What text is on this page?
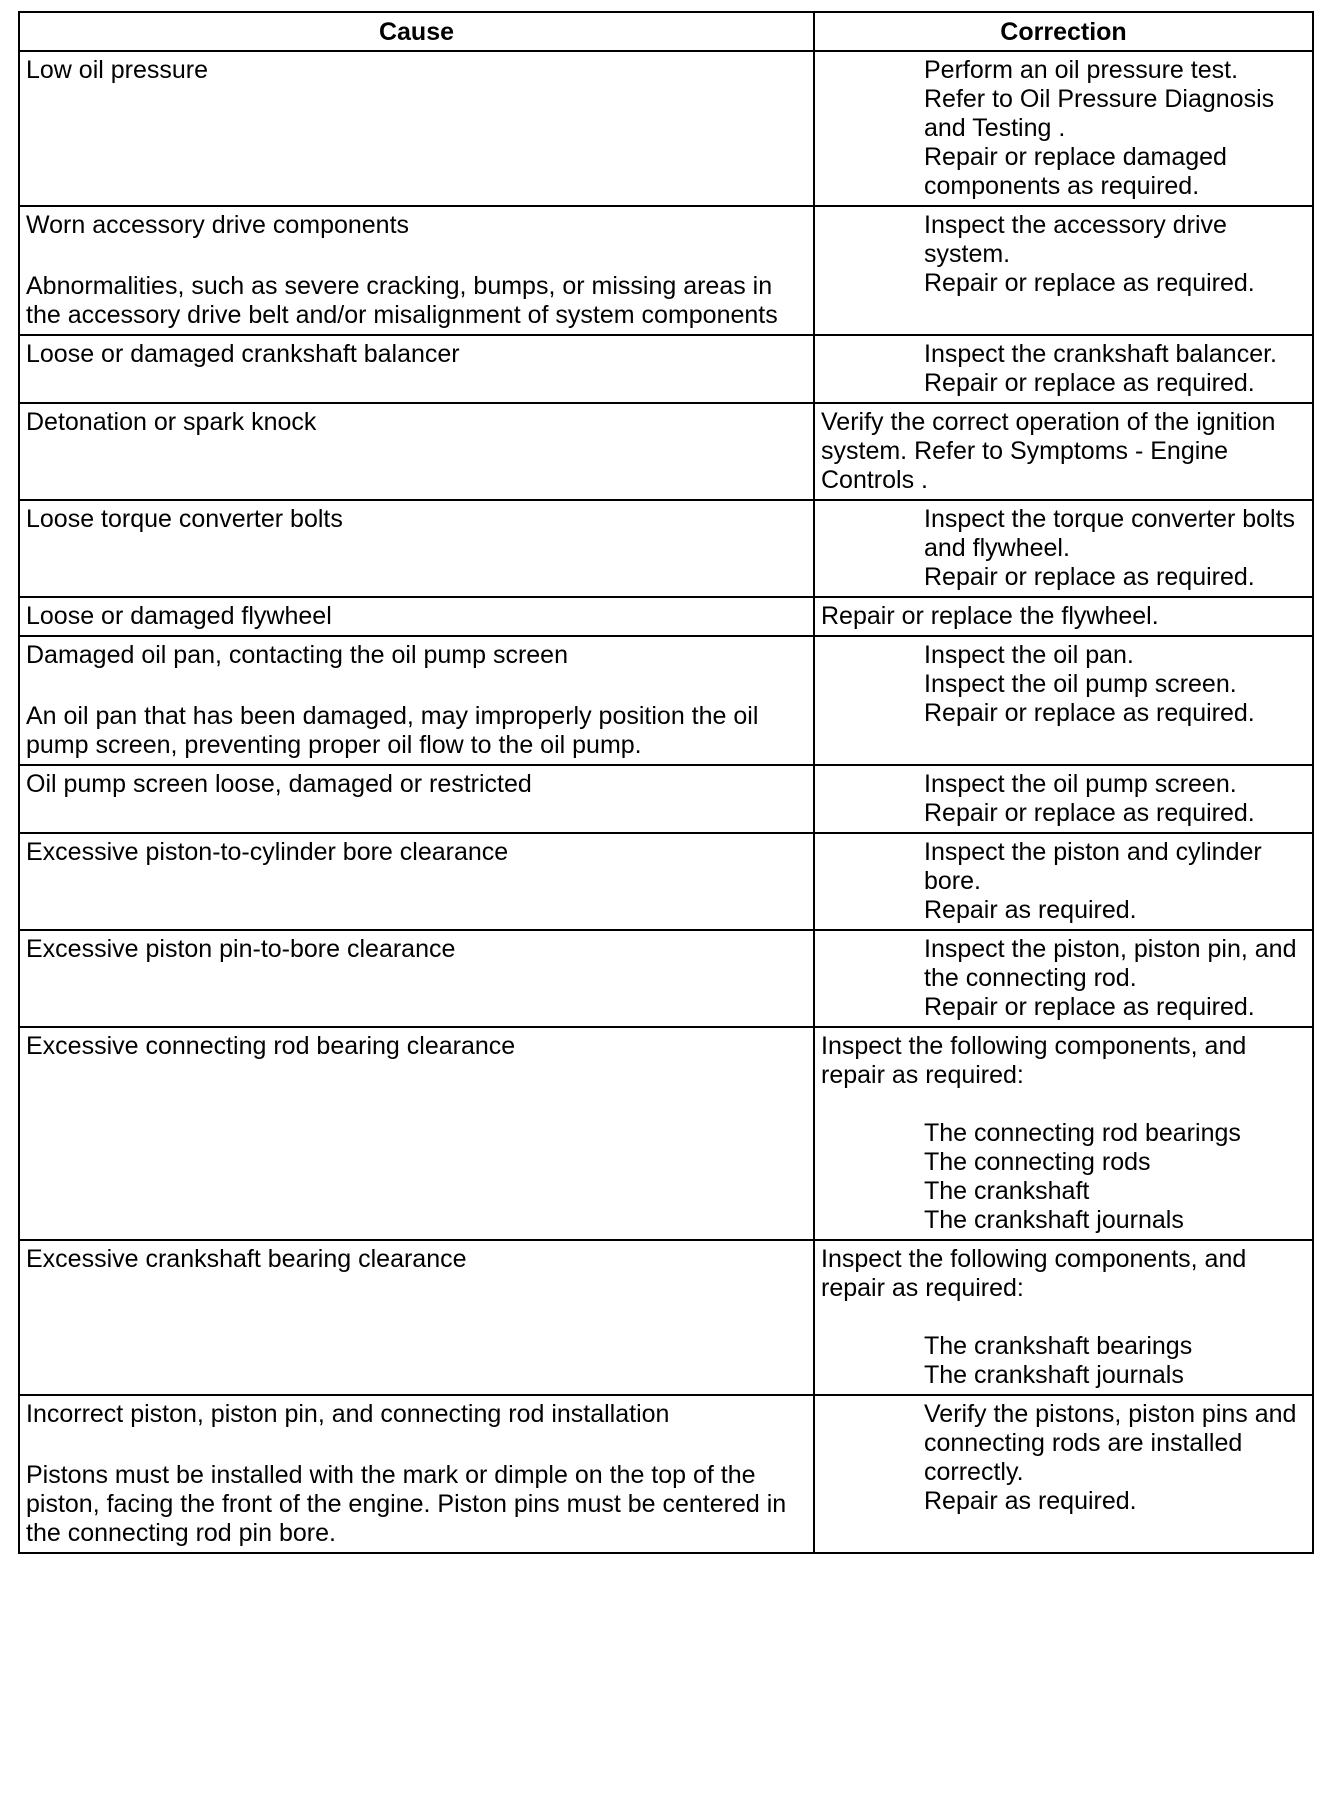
Cause	Correction

Low oil pressure	Perform an oil pressure test. Refer to Oil Pressure Diagnosis and Testing .
Repair or replace damaged components as required.

Worn accessory drive components
Abnormalities, such as severe cracking, bumps, or missing areas in the accessory drive belt and/or misalignment of system components	Inspect the accessory drive system.
Repair or replace as required.

Loose or damaged crankshaft balancer	Inspect the crankshaft balancer.
Repair or replace as required.

Detonation or spark knock	Verify the correct operation of the ignition system. Refer to Symptoms - Engine Controls .

Loose torque converter bolts	Inspect the torque converter bolts and flywheel.
Repair or replace as required.

Loose or damaged flywheel	Repair or replace the flywheel.

Damaged oil pan, contacting the oil pump screen
An oil pan that has been damaged, may improperly position the oil pump screen, preventing proper oil flow to the oil pump.	Inspect the oil pan.
Inspect the oil pump screen.
Repair or replace as required.

Oil pump screen loose, damaged or restricted	Inspect the oil pump screen.
Repair or replace as required.

Excessive piston-to-cylinder bore clearance	Inspect the piston and cylinder bore.
Repair as required.

Excessive piston pin-to-bore clearance	Inspect the piston, piston pin, and the connecting rod.
Repair or replace as required.

Excessive connecting rod bearing clearance	Inspect the following components, and repair as required:
The connecting rod bearings
The connecting rods
The crankshaft
The crankshaft journals

Excessive crankshaft bearing clearance	Inspect the following components, and repair as required:
The crankshaft bearings
The crankshaft journals

Incorrect piston, piston pin, and connecting rod installation
Pistons must be installed with the mark or dimple on the top of the piston, facing the front of the engine. Piston pins must be centered in the connecting rod pin bore.	Verify the pistons, piston pins and connecting rods are installed correctly.
Repair as required.
